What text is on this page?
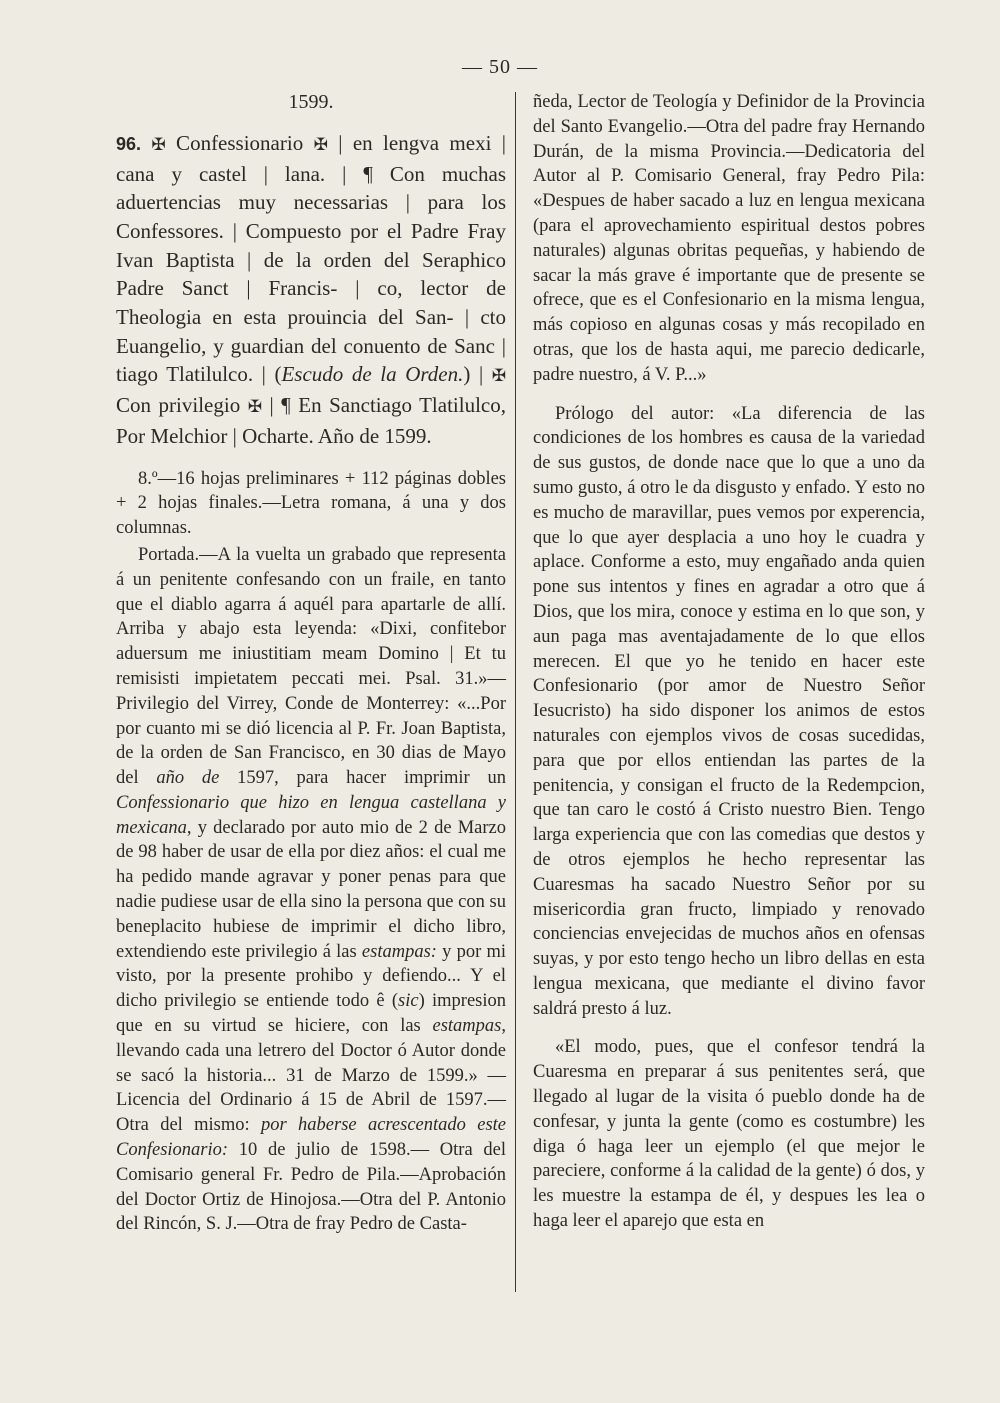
— 50 —
1599.
96. ✠ Confessionario ✠ | en lengva mexi | cana y castel | lana. | ¶ Con muchas aduertencias muy necessarias | para los Confessores. | Compuesto por el Padre Fray Ivan Baptista | de la orden del Seraphico Padre Sanct | Francis- | co, lector de Theologia en esta prouincia del San- | cto Euangelio, y guardian del conuento de Sanc | tiago Tlatilulco. | (Escudo de la Orden.) | ✠ Con privilegio ✠ | ¶ En Sanctiago Tlatilulco, Por Melchior | Ocharte. Año de 1599.

8.º—16 hojas preliminares + 112 páginas dobles + 2 hojas finales.—Letra romana, á una y dos columnas.

Portada.—A la vuelta un grabado que representa á un penitente confesando con un fraile, en tanto que el diablo agarra á aquél para apartarle de allí. Arriba y abajo esta leyenda: «Dixi, confitebor aduersum me iniustitiam meam Domino | Et tu remisisti impietatem peccati mei. Psal. 31.»—Privilegio del Virrey, Conde de Monterrey: «...Por por cuanto mi se dió licencia al P. Fr. Joan Baptista, de la orden de San Francisco, en 30 dias de Mayo del año de 1597, para hacer imprimir un Confessionario que hizo en lengua castellana y mexicana, y declarado por auto mio de 2 de Marzo de 98 haber de usar de ella por diez años: el cual me ha pedido mande agravar y poner penas para que nadie pudiese usar de ella sino la persona que con su beneplacito hubiese de imprimir el dicho libro, extendiendo este privilegio á las estampas: y por mi visto, por la presente prohibo y defiendo... Y el dicho privilegio se entiende todo ê (sic) impresion que en su virtud se hiciere, con las estampas, llevando cada una letrero del Doctor ó Autor donde se sacó la historia... 31 de Marzo de 1599.» — Licencia del Ordinario á 15 de Abril de 1597.— Otra del mismo: por haberse acrescentado este Confesionario: 10 de julio de 1598.— Otra del Comisario general Fr. Pedro de Pila.—Aprobación del Doctor Ortiz de Hinojosa.—Otra del P. Antonio del Rincón, S. J.—Otra de fray Pedro de Casta-

ñeda, Lector de Teología y Definidor de la Provincia del Santo Evangelio.—Otra del padre fray Hernando Durán, de la misma Provincia.—Dedicatoria del Autor al P. Comisario General, fray Pedro Pila: «Despues de haber sacado a luz en lengua mexicana (para el aprovechamiento espiritual destos pobres naturales) algunas obritas pequeñas, y habiendo de sacar la más grave é importante que de presente se ofrece, que es el Confesionario en la misma lengua, más copioso en algunas cosas y más recopilado en otras, que los de hasta aqui, me parecio dedicarle, padre nuestro, á V. P...»

Prólogo del autor: «La diferencia de las condiciones de los hombres es causa de la variedad de sus gustos, de donde nace que lo que a uno da sumo gusto, á otro le da disgusto y enfado. Y esto no es mucho de maravillar, pues vemos por experencia, que lo que ayer desplacia a uno hoy le cuadra y aplace. Conforme a esto, muy engañado anda quien pone sus intentos y fines en agradar a otro que á Dios, que los mira, conoce y estima en lo que son, y aun paga mas aventajadamente de lo que ellos merecen. El que yo he tenido en hacer este Confesionario (por amor de Nuestro Señor Iesucristo) ha sido disponer los animos de estos naturales con ejemplos vivos de cosas sucedidas, para que por ellos entiendan las partes de la penitencia, y consigan el fructo de la Redempcion, que tan caro le costó á Cristo nuestro Bien. Tengo larga experiencia que con las comedias que destos y de otros ejemplos he hecho representar las Cuaresmas ha sacado Nuestro Señor por su misericordia gran fructo, limpiado y renovado conciencias envejecidas de muchos años en ofensas suyas, y por esto tengo hecho un libro dellas en esta lengua mexicana, que mediante el divino favor saldrá presto á luz.

«El modo, pues, que el confesor tendrá la Cuaresma en preparar á sus penitentes será, que llegado al lugar de la visita ó pueblo donde ha de confesar, y junta la gente (como es costumbre) les diga ó haga leer un ejemplo (el que mejor le pareciere, conforme á la calidad de la gente) ó dos, y les muestre la estampa de él, y despues les lea o haga leer el aparejo que esta en
